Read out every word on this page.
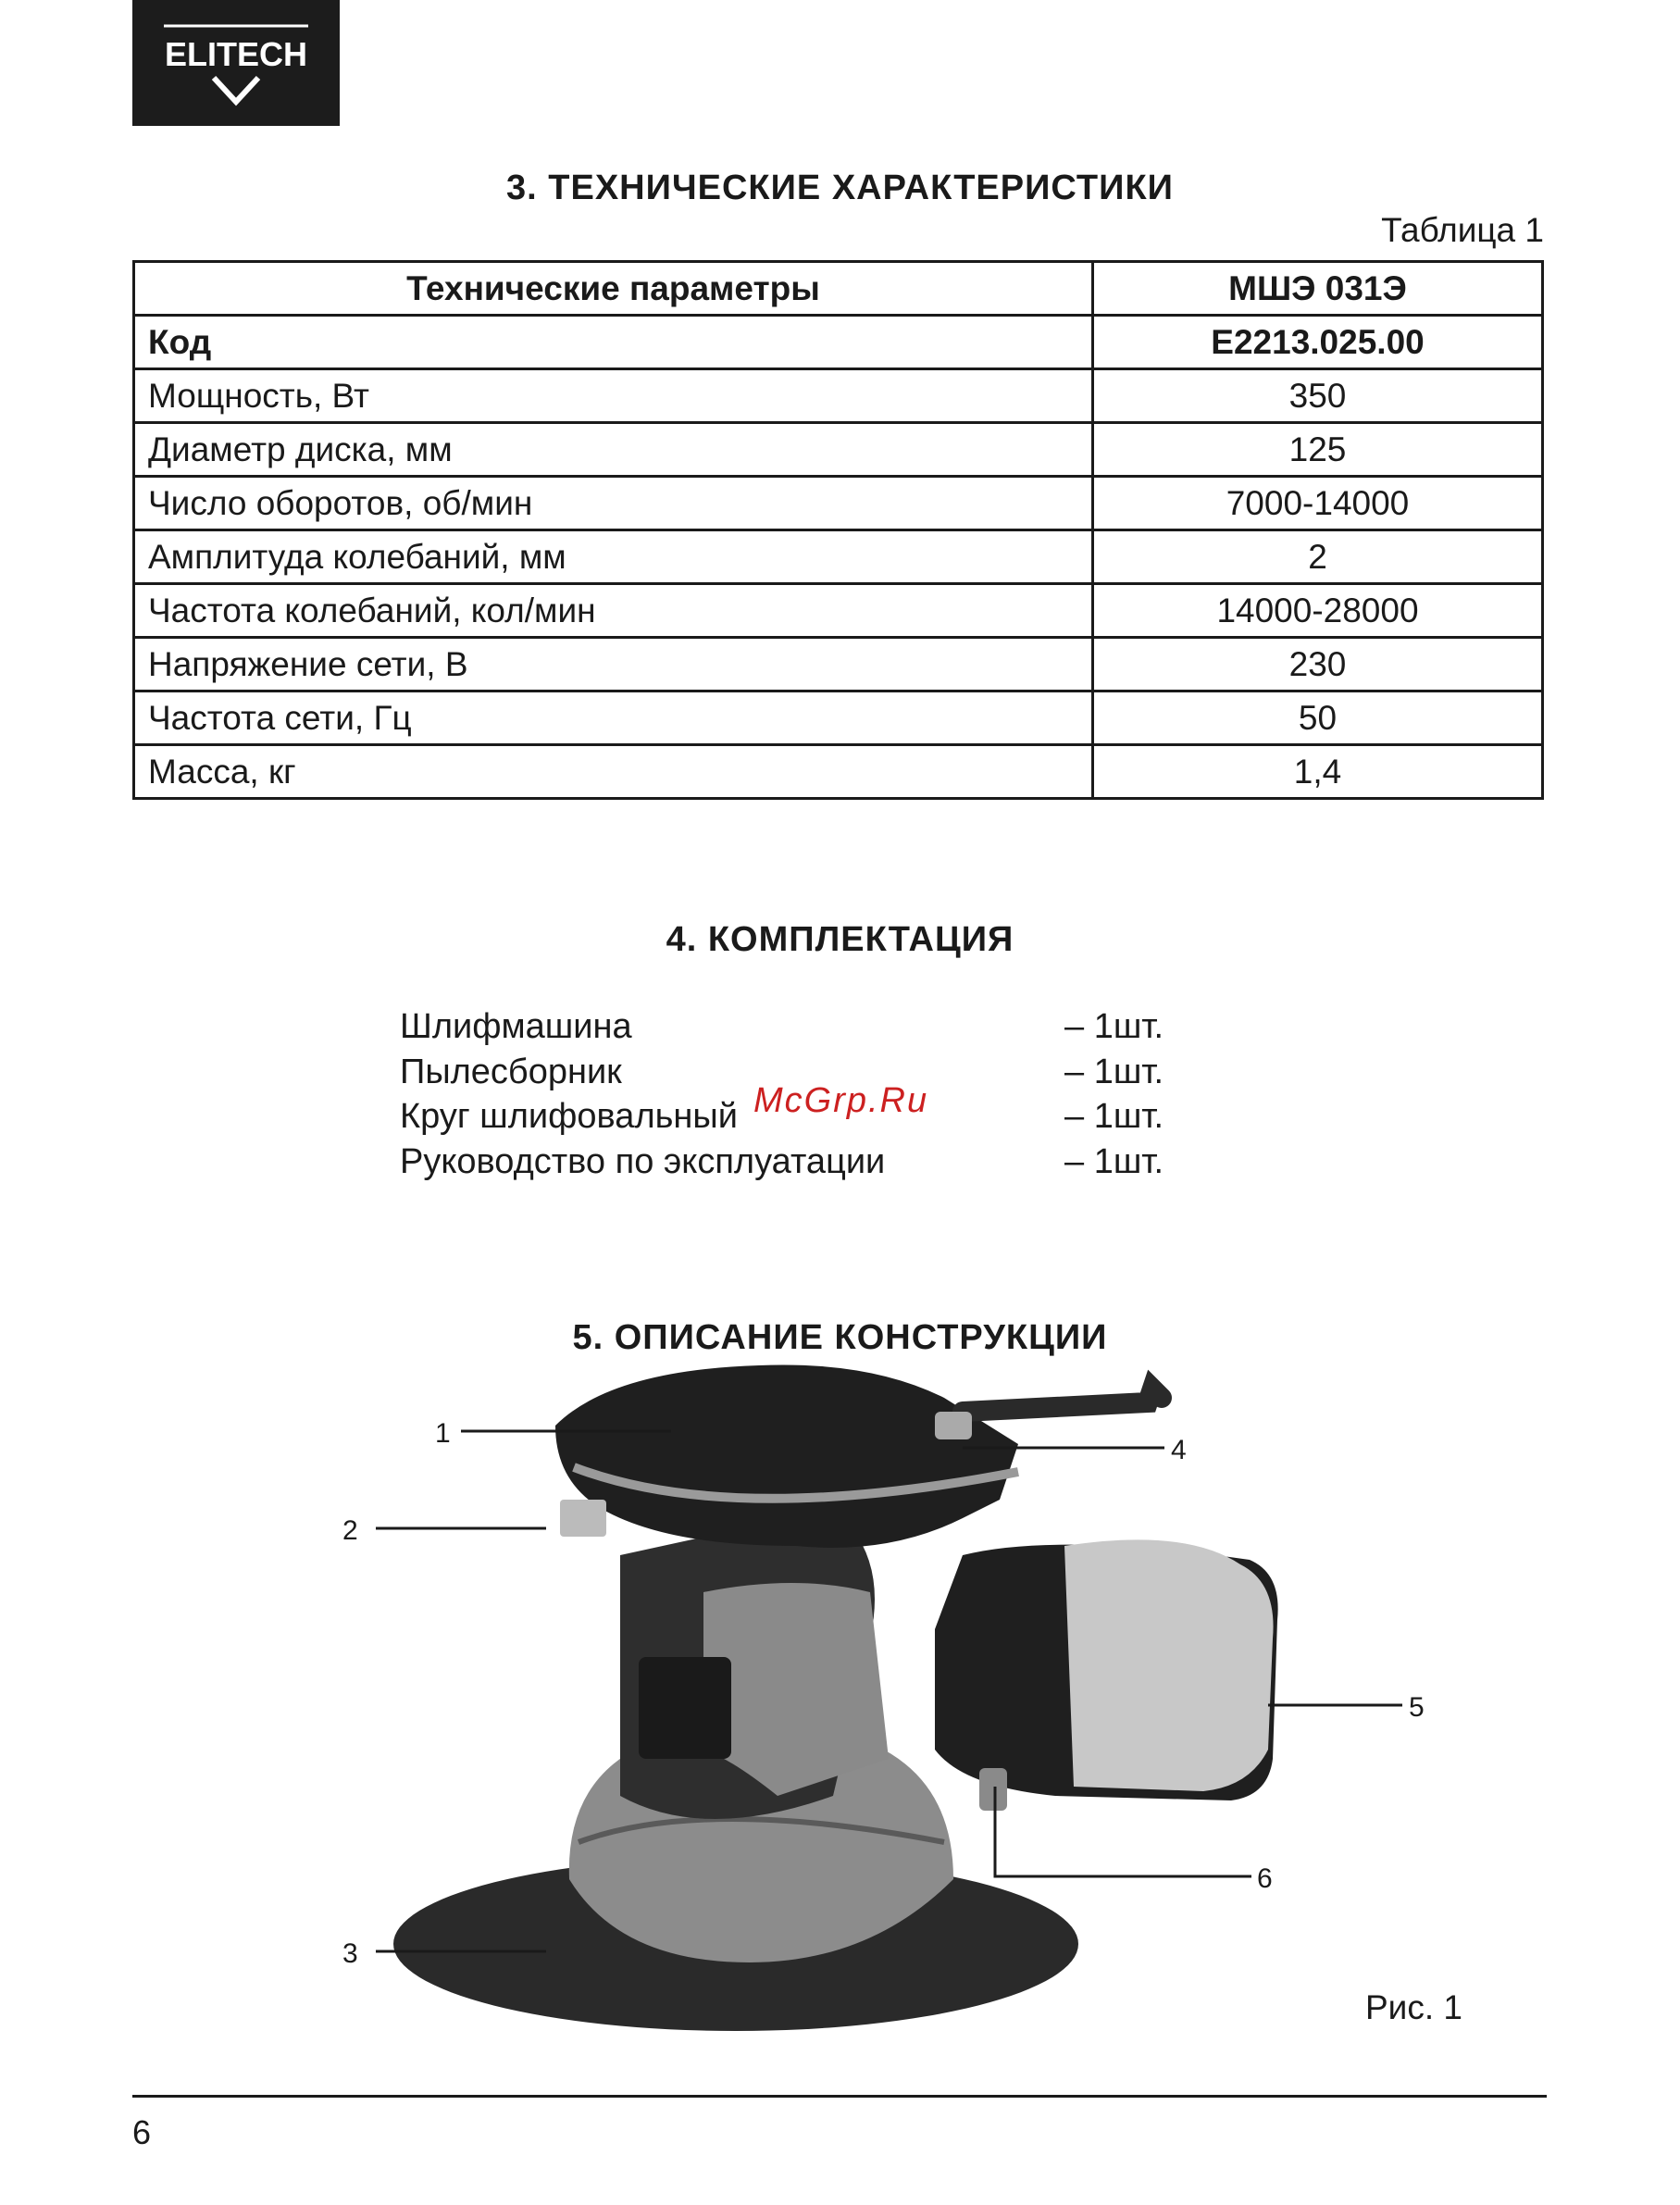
ELITECH
3. ТЕХНИЧЕСКИЕ ХАРАКТЕРИСТИКИ
Таблица 1
Технические параметры	МШЭ 031Э
Код	E2213.025.00
Мощность, Вт	350
Диаметр диска, мм	125
Число оборотов, об/мин	7000-14000
Амплитуда колебаний, мм	2
Частота колебаний, кол/мин	14000-28000
Напряжение сети, В	230
Частота сети, Гц	50
Масса, кг	1,4
4. КОМПЛЕКТАЦИЯ
Шлифмашина	– 1шт.
Пылесборник	– 1шт.
Круг шлифовальный	– 1шт.
Руководство по эксплуатации	– 1шт.
McGrp.Ru
5. ОПИСАНИЕ КОНСТРУКЦИИ
1
2
3
4
5
6
Рис. 1
6
